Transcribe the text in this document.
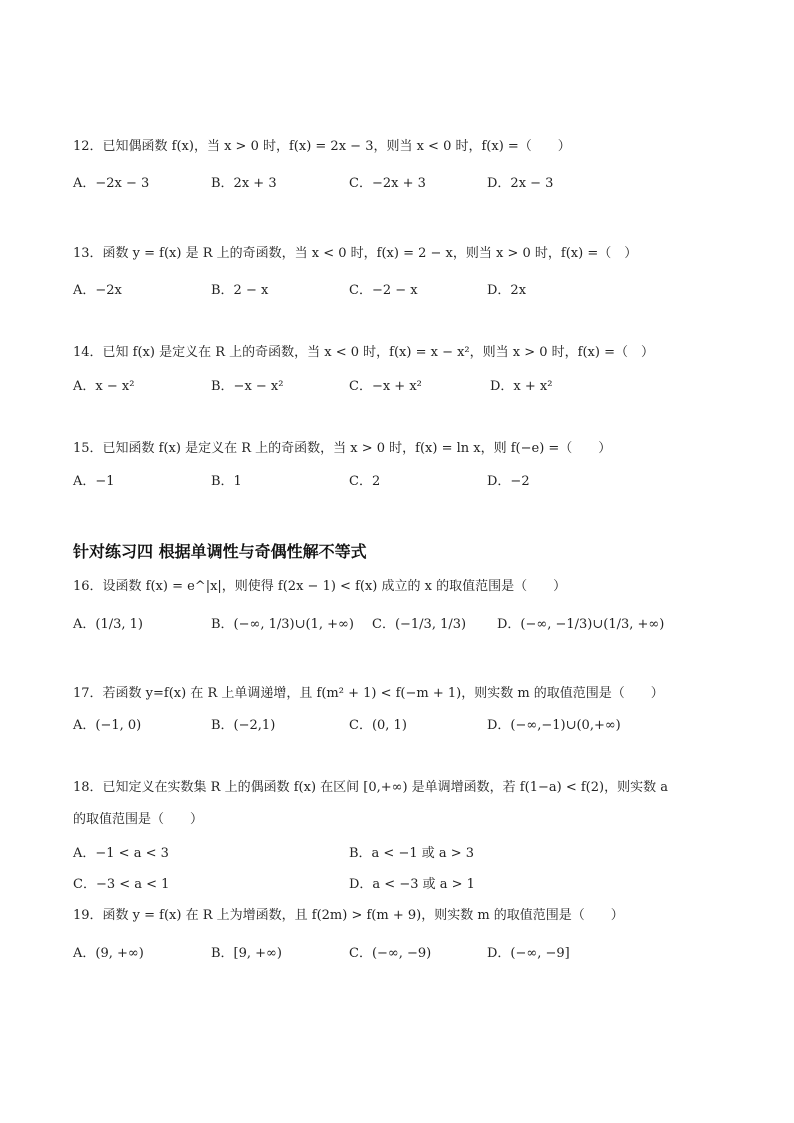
12．已知偶函数 f(x)，当 x > 0 时，f(x) = 2x − 3，则当 x < 0 时，f(x) =（　　）
A．−2x − 3	B．2x + 3	C．−2x + 3	D．2x − 3
13．函数 y = f(x) 是 R 上的奇函数，当 x < 0 时，f(x) = 2 − x，则当 x > 0 时，f(x) =（　）
A．−2x	B．2 − x	C．−2 − x	D．2x
14．已知 f(x) 是定义在 R 上的奇函数，当 x < 0 时，f(x) = x − x²，则当 x > 0 时，f(x) =（　）
A．x − x²	B．−x − x²	C．−x + x²	D．x + x²
15．已知函数 f(x) 是定义在 R 上的奇函数，当 x > 0 时，f(x) = ln x，则 f(−e) =（　　）
A．−1	B．1	C．2	D．−2
针对练习四 根据单调性与奇偶性解不等式
16．设函数 f(x) = e^|x|，则使得 f(2x − 1) < f(x) 成立的 x 的取值范围是（　　）
A．(1/3, 1)	B．(−∞, 1/3)∪(1, +∞) C．(−1/3, 1/3) D．(−∞, −1/3)∪(1/3, +∞)
17．若函数 y=f(x) 在 R 上单调递增，且 f(m² + 1) < f(−m + 1)，则实数 m 的取值范围是（　　）
A．(−1, 0)	B．(−2,1)	C．(0, 1)	D．(−∞,−1)∪(0,+∞)
18．已知定义在实数集 R 上的偶函数 f(x) 在区间 [0,+∞) 是单调增函数，若 f(1−a) < f(2)，则实数 a
的取值范围是（　　）
A．−1 < a < 3	B．a < −1 或 a > 3
C．−3 < a < 1	D．a < −3 或 a > 1
19．函数 y = f(x) 在 R 上为增函数，且 f(2m) > f(m + 9)，则实数 m 的取值范围是（　　）
A．(9, +∞)	B．[9, +∞)	C．(−∞, −9)	D．(−∞, −9]
